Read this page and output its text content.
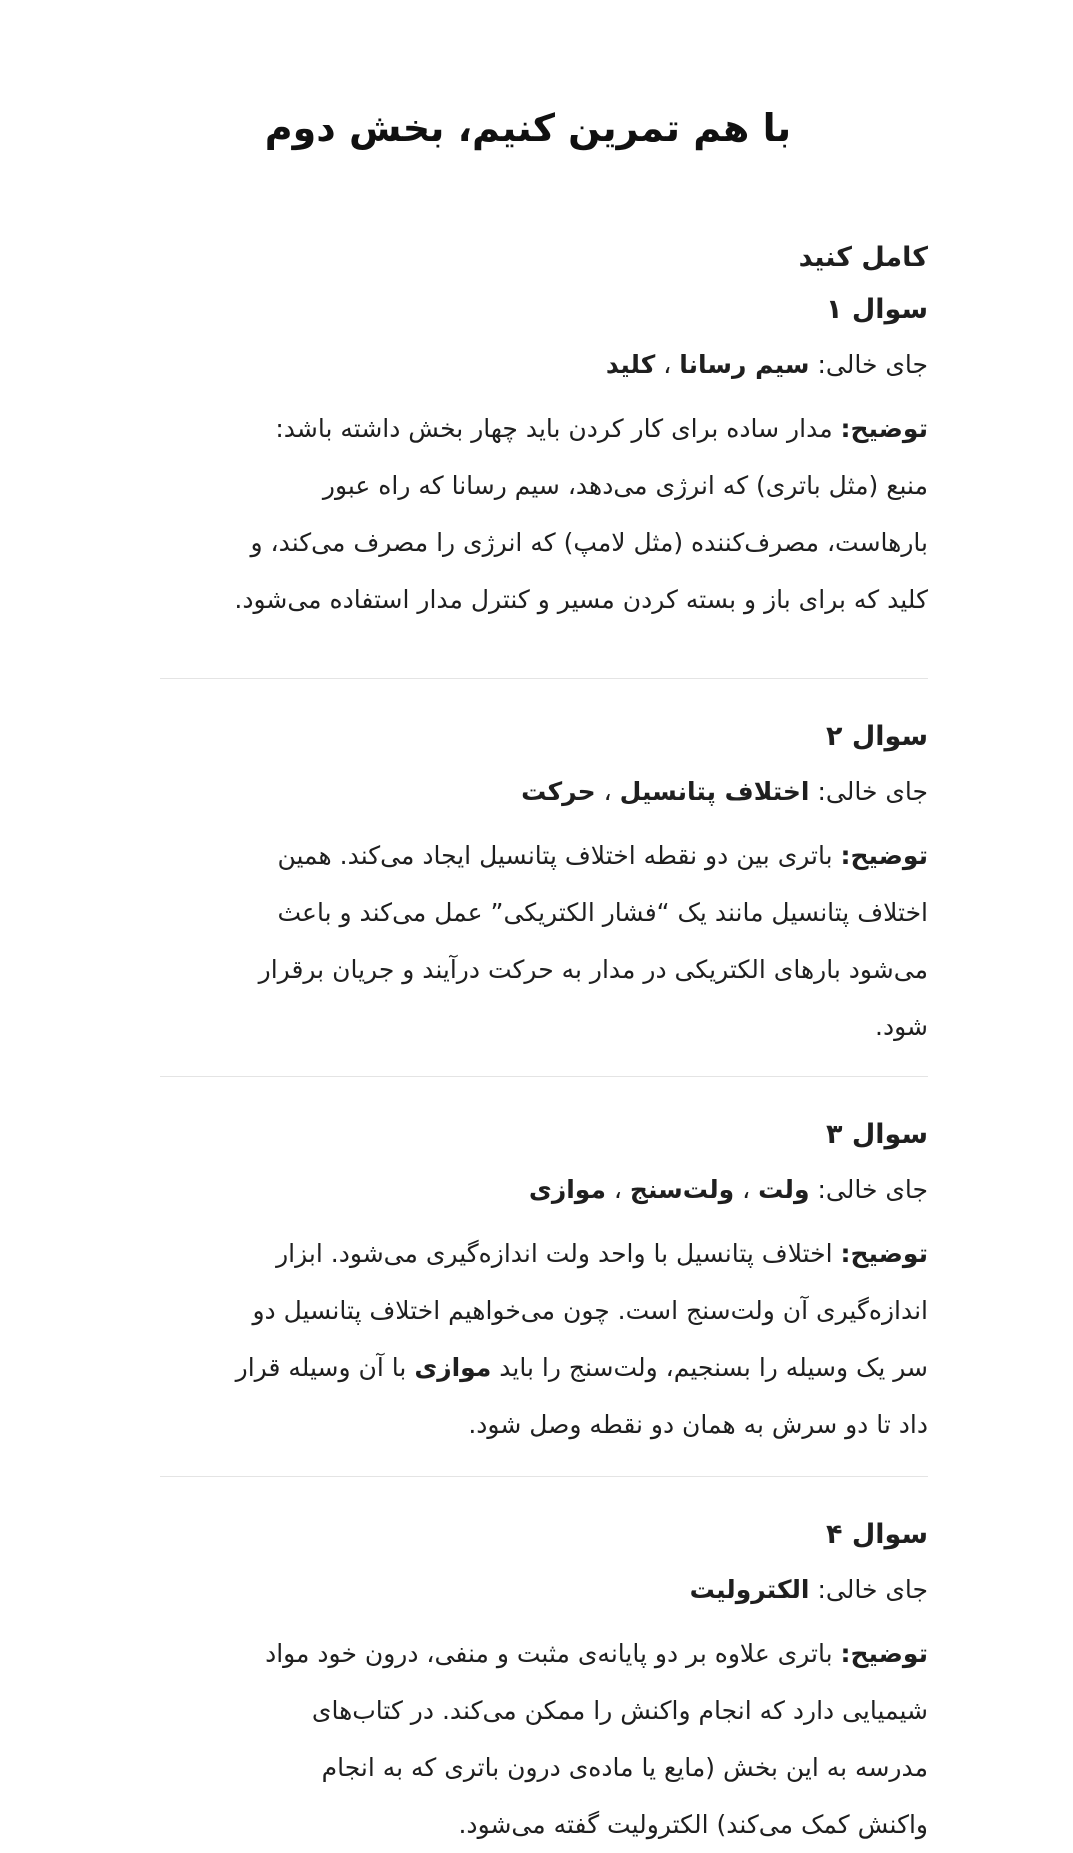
با هم تمرین کنیم، بخش دوم
کامل کنید
سوال ۱
جای خالی: سیم رسانا ، کلید
توضیح: مدار ساده برای کار کردن باید چهار بخش داشته باشد:
منبع (مثل باتری) که انرژی می‌دهد، سیم رسانا که راه عبور
بارهاست، مصرف‌کننده (مثل لامپ) که انرژی را مصرف می‌کند، و
کلید که برای باز و بسته کردن مسیر و کنترل مدار استفاده می‌شود.
سوال ۲
جای خالی: اختلاف پتانسیل ، حرکت
توضیح: باتری بین دو نقطه اختلاف پتانسیل ایجاد می‌کند. همین
اختلاف پتانسیل مانند یک “فشار الکتریکی” عمل می‌کند و باعث
می‌شود بارهای الکتریکی در مدار به حرکت درآیند و جریان برقرار
شود.
سوال ۳
جای خالی: ولت ، ولت‌سنج ، موازی
توضیح: اختلاف پتانسیل با واحد ولت اندازه‌گیری می‌شود. ابزار
اندازه‌گیری آن ولت‌سنج است. چون می‌خواهیم اختلاف پتانسیل دو
سر یک وسیله را بسنجیم، ولت‌سنج را باید موازی با آن وسیله قرار
داد تا دو سرش به همان دو نقطه وصل شود.
سوال ۴
جای خالی: الکترولیت
توضیح: باتری علاوه بر دو پایانه‌ی مثبت و منفی، درون خود مواد
شیمیایی دارد که انجام واکنش را ممکن می‌کند. در کتاب‌های
مدرسه به این بخش (مایع یا ماده‌ی درون باتری که به انجام
واکنش کمک می‌کند) الکترولیت گفته می‌شود.
